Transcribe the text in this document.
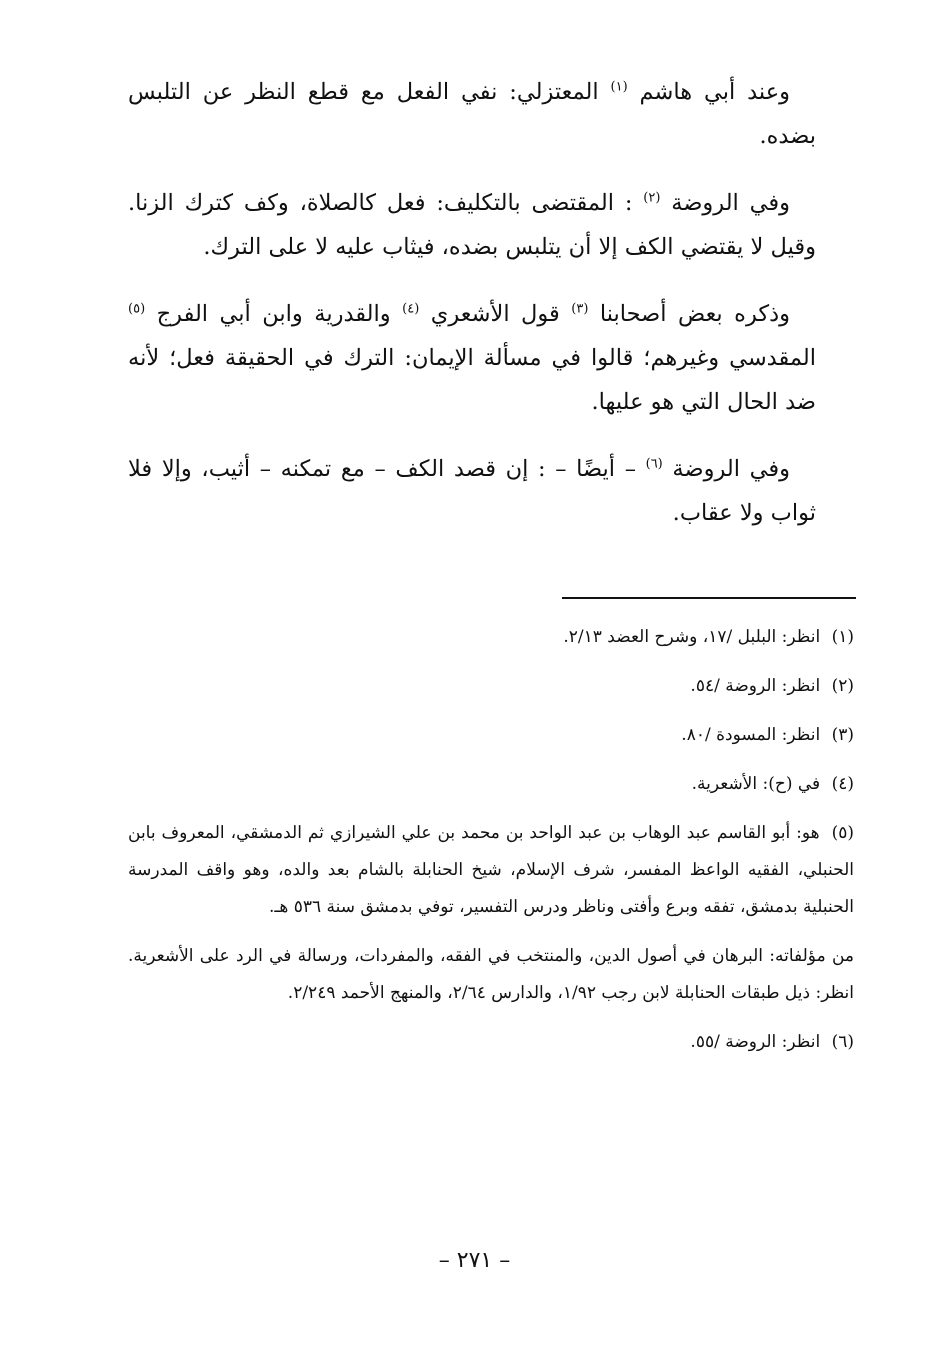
وعند أبي هاشم $^{(١)}$ المعتزلي: نفي الفعل مع قطع النظر عن التلبس بضده.

وفي الروضة $^{(٢)}$ : المقتضى بالتكليف: فعل كالصلاة، وكف كترك الزنا. وقيل لا يقتضي الكف إلا أن يتلبس بضده، فيثاب عليه لا على الترك.

وذكره بعض أصحابنا $^{(٣)}$ قول الأشعري $^{(٤)}$ والقدرية وابن أبي الفرج $^{(٥)}$ المقدسي وغيرهم؛ قالوا في مسألة الإيمان: الترك في الحقيقة فعل؛ لأنه ضد الحال التي هو عليها.

وفي الروضة $^{(٦)}$ – أيضًا – : إن قصد الكف – مع تمكنه – أثيب، وإلا فلا ثواب ولا عقاب.

(١) انظر: البلبل /١٧، وشرح العضد ٢/١٣.
(٢) انظر: الروضة /٥٤.
(٣) انظر: المسودة /٨٠.
(٤) في (ح): الأشعرية.
(٥) هو: أبو القاسم عبد الوهاب بن عبد الواحد بن محمد بن علي الشيرازي ثم الدمشقي، المعروف بابن الحنبلي، الفقيه الواعظ المفسر، شرف الإسلام، شيخ الحنابلة بالشام بعد والده، وهو واقف المدرسة الحنبلية بدمشق، تفقه وبرع وأفتى وناظر ودرس التفسير، توفي بدمشق سنة ٥٣٦ هـ.
من مؤلفاته: البرهان في أصول الدين، والمنتخب في الفقه، والمفردات، ورسالة في الرد على الأشعرية. انظر: ذيل طبقات الحنابلة لابن رجب ١/٩٢، والدارس ٢/٦٤، والمنهج الأحمد ٢/٢٤٩.
(٦) انظر: الروضة /٥٥.
– ٢٧١ –
